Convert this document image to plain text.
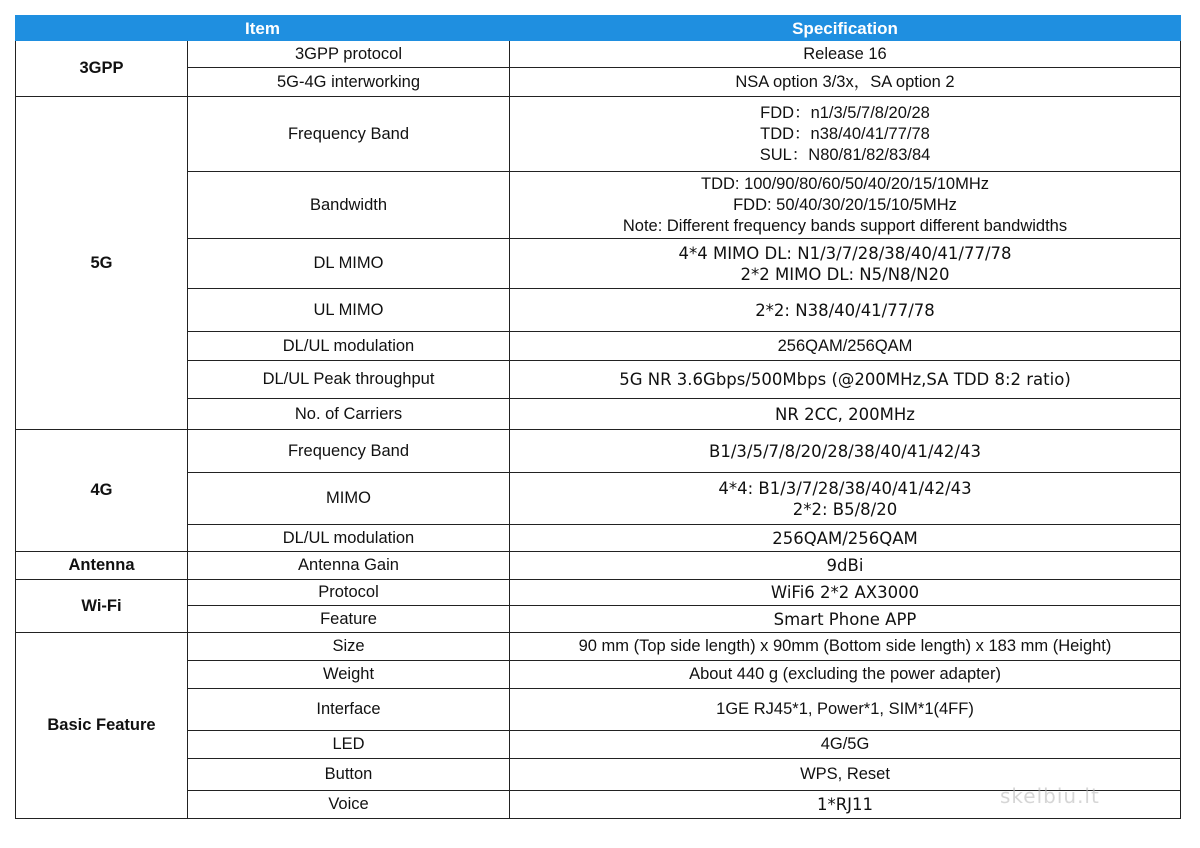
Item		Specification
3GPP	3GPP protocol	Release 16

	5G-4G interworking	NSA option 3/3x，SA option 2

5G	Frequency Band	FDD：n1/3/5/7/8/20/28
TDD：n38/40/41/77/78
SUL：N80/81/82/83/84

	Bandwidth	TDD: 100/90/80/60/50/40/20/15/10MHz
FDD: 50/40/30/20/15/10/5MHz
Note: Different frequency bands support different bandwidths

	DL MIMO	4*4 MIMO DL: N1/3/7/28/38/40/41/77/78
2*2 MIMO DL: N5/N8/N20

	UL MIMO	2*2: N38/40/41/77/78

	DL/UL modulation	256QAM/256QAM

	DL/UL Peak throughput	5G NR 3.6Gbps/500Mbps (@200MHz,SA TDD 8:2 ratio)

	No. of Carriers	NR 2CC, 200MHz

4G	Frequency Band	B1/3/5/7/8/20/28/38/40/41/42/43

	MIMO	4*4: B1/3/7/28/38/40/41/42/43
2*2: B5/8/20

	DL/UL modulation	256QAM/256QAM

Antenna	Antenna Gain	9dBi

Wi-Fi	Protocol	WiFi6 2*2 AX3000

	Feature	Smart Phone APP

Basic Feature	Size	90 mm (Top side length) x 90mm (Bottom side length) x 183 mm (Height)

	Weight	About 440 g (excluding the power adapter)

	Interface	1GE RJ45*1, Power*1, SIM*1(4FF)

	LED	4G/5G

	Button	WPS, Reset

	Voice	1*RJ11	skelbiu.lt
